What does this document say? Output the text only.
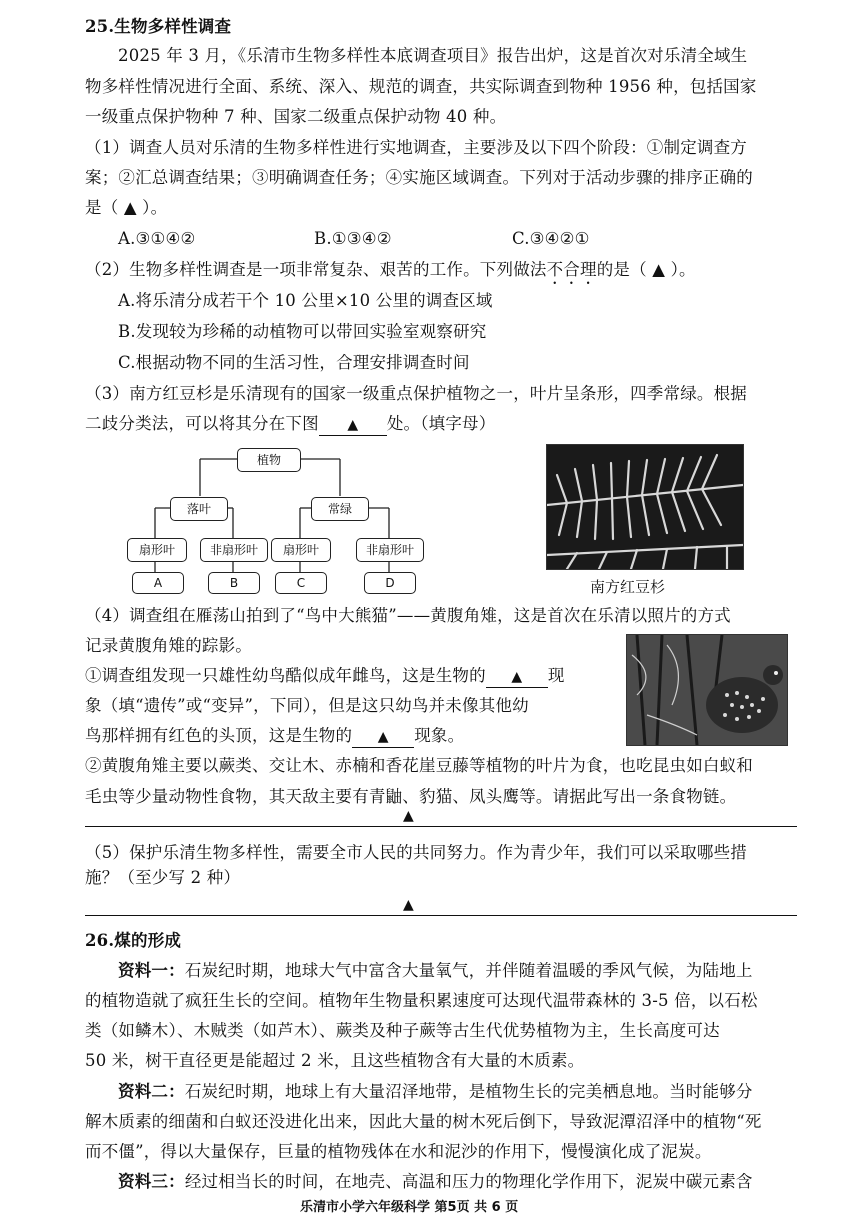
25.生物多样性调查
2025 年 3 月，《乐清市生物多样性本底调查项目》报告出炉，这是首次对乐清全域生
物多样性情况进行全面、系统、深入、规范的调查，共实际调查到物种 1956 种，包括国家
一级重点保护物种 7 种、国家二级重点保护动物 40 种。
（1）调查人员对乐清的生物多样性进行实地调查，主要涉及以下四个阶段：①制定调查方
案；②汇总调查结果；③明确调查任务；④实施区域调查。下列对于活动步骤的排序正确的
是（ ▲ ）。
A.③①④②	B.①③④②	C.③④②①
（2）生物多样性调查是一项非常复杂、艰苦的工作。下列做法不合理的是（ ▲ ）。
A.将乐清分成若干个 10 公里×10 公里的调查区域
B.发现较为珍稀的动植物可以带回实验室观察研究
C.根据动物不同的生活习性，合理安排调查时间
（3）南方红豆杉是乐清现有的国家一级重点保护植物之一，叶片呈条形，四季常绿。根据
二歧分类法，可以将其分在下图 ▲ 处。（填字母）
植物
落叶	常绿
扇形叶	非扇形叶	扇形叶	非扇形叶
A	B	C	D	南方红豆杉
（4）调查组在雁荡山拍到了“鸟中大熊猫”——黄腹角雉，这是首次在乐清以照片的方式
记录黄腹角雉的踪影。
①调查组发现一只雄性幼鸟酷似成年雌鸟，这是生物的 ▲ 现
象（填“遗传”或“变异”，下同），但是这只幼鸟并未像其他幼
鸟那样拥有红色的头顶，这是生物的 ▲ 现象。
②黄腹角雉主要以蕨类、交让木、赤楠和香花崖豆藤等植物的叶片为食，也吃昆虫如白蚁和
毛虫等少量动物性食物，其天敌主要有青鼬、豹猫、凤头鹰等。请据此写出一条食物链。
▲
（5）保护乐清生物多样性，需要全市人民的共同努力。作为青少年，我们可以采取哪些措
施？（至少写 2 种）
▲
26.煤的形成
资料一：石炭纪时期，地球大气中富含大量氧气，并伴随着温暖的季风气候，为陆地上
的植物造就了疯狂生长的空间。植物年生物量积累速度可达现代温带森林的 3-5 倍，以石松
类（如鳞木）、木贼类（如芦木）、蕨类及种子蕨等古生代优势植物为主，生长高度可达
50 米，树干直径更是能超过 2 米，且这些植物含有大量的木质素。
资料二：石炭纪时期，地球上有大量沼泽地带，是植物生长的完美栖息地。当时能够分
解木质素的细菌和白蚁还没进化出来，因此大量的树木死后倒下，导致泥潭沼泽中的植物“死
而不僵”，得以大量保存，巨量的植物残体在水和泥沙的作用下，慢慢演化成了泥炭。
资料三：经过相当长的时间，在地壳、高温和压力的物理化学作用下，泥炭中碳元素含
乐清市小学六年级科学 第5页 共 6 页
